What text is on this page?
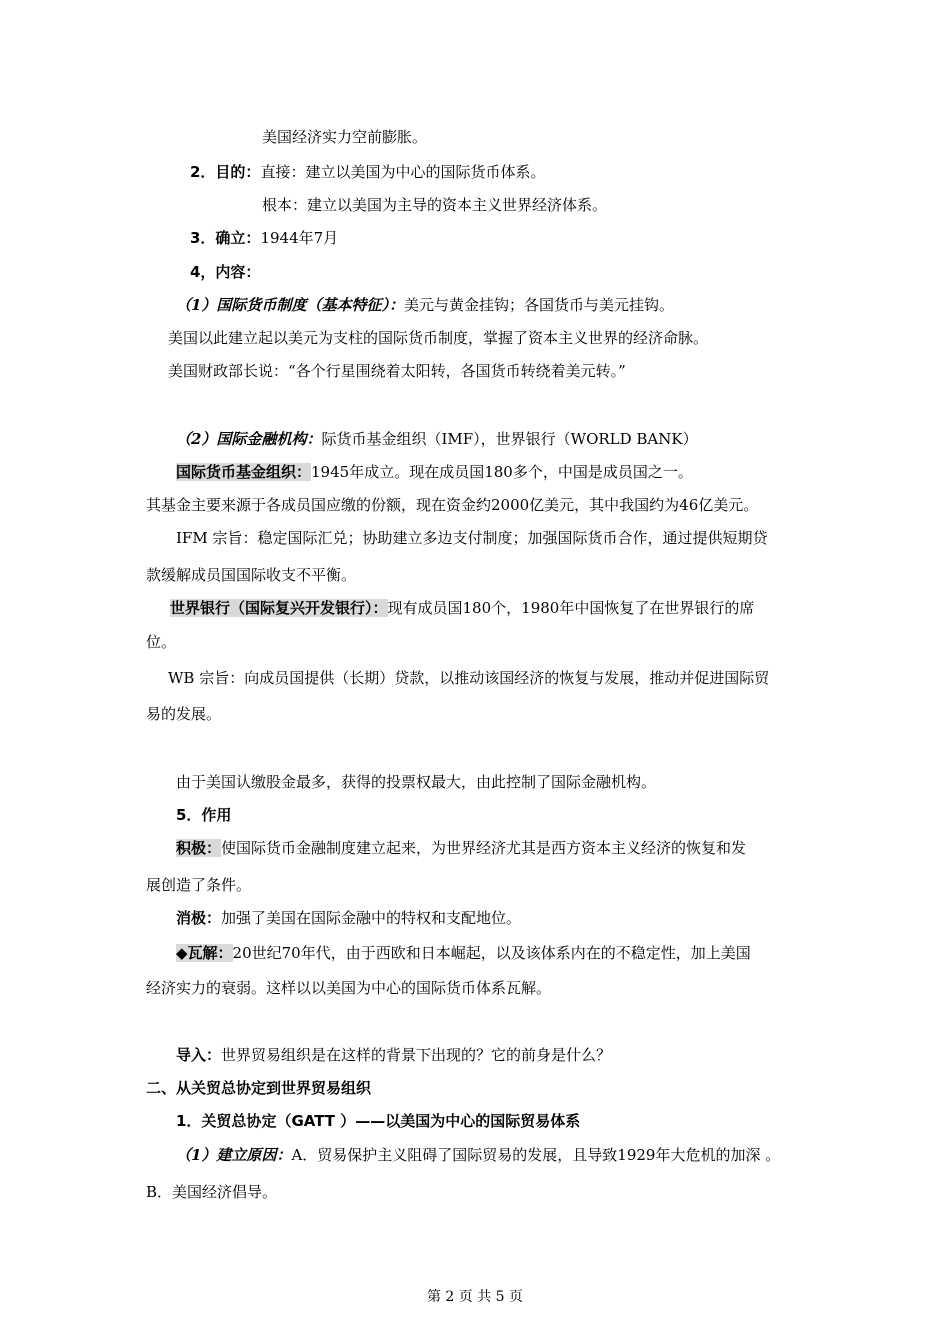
美国经济实力空前膨胀。
2．目的：直接：建立以美国为中心的国际货币体系。
根本：建立以美国为主导的资本主义世界经济体系。
3．确立：1944年7月
4，内容：
（1）国际货币制度（基本特征）：美元与黄金挂钩；各国货币与美元挂钩。
美国以此建立起以美元为支柱的国际货币制度，掌握了资本主义世界的经济命脉。
美国财政部长说：“各个行星围绕着太阳转，各国货币转绕着美元转。”
（2）国际金融机构：际货币基金组织（IMF），世界银行（WORLD BANK）
国际货币基金组织：1945年成立。现在成员国180多个，中国是成员国之一。
其基金主要来源于各成员国应缴的份额，现在资金约2000亿美元，其中我国约为46亿美元。
IFM 宗旨：稳定国际汇兑；协助建立多边支付制度；加强国际货币合作，通过提供短期贷
款缓解成员国国际收支不平衡。
世界银行（国际复兴开发银行）：现有成员国180个，1980年中国恢复了在世界银行的席
位。
WB 宗旨：向成员国提供（长期）贷款，以推动该国经济的恢复与发展，推动并促进国际贸
易的发展。
由于美国认缴股金最多，获得的投票权最大，由此控制了国际金融机构。
5．作用
积极：使国际货币金融制度建立起来，为世界经济尤其是西方资本主义经济的恢复和发
展创造了条件。
消极：加强了美国在国际金融中的特权和支配地位。
◆瓦解：20世纪70年代，由于西欧和日本崛起，以及该体系内在的不稳定性，加上美国
经济实力的衰弱。这样以以美国为中心的国际货币体系瓦解。
导入：世界贸易组织是在这样的背景下出现的？它的前身是什么？
二、从关贸总协定到世界贸易组织
1．关贸总协定（GATT ）——以美国为中心的国际贸易体系
（1）建立原因：A．贸易保护主义阻碍了国际贸易的发展，且导致1929年大危机的加深 。
B．美国经济倡导。
第 2 页 共 5 页
